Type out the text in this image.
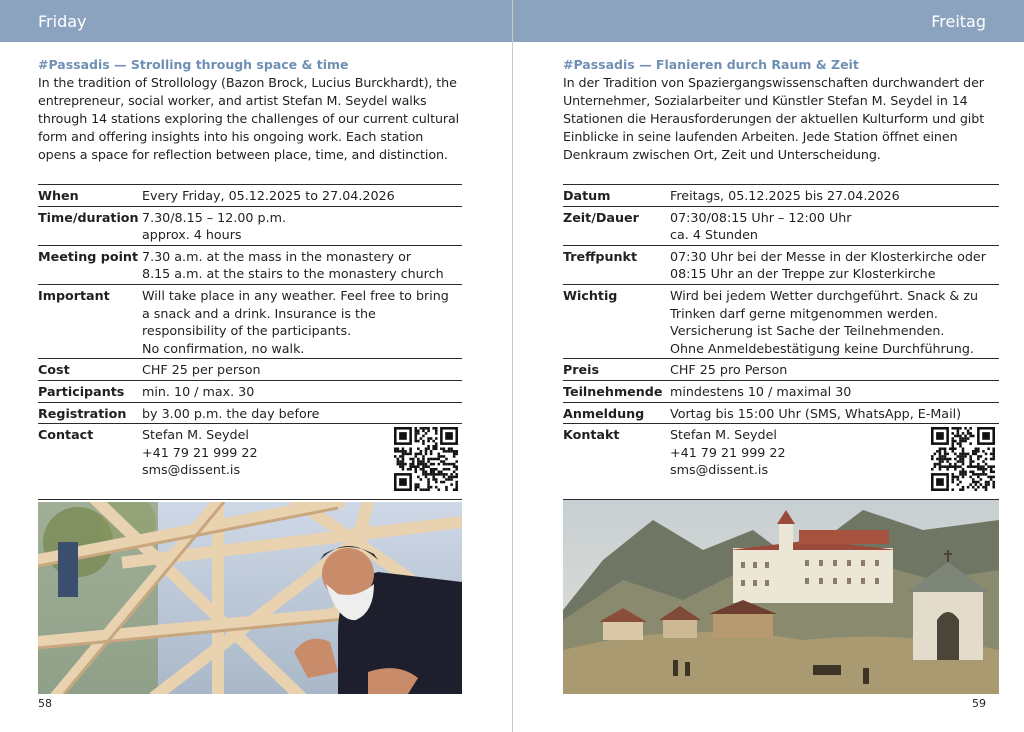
Friday

#Passadis — Strolling through space & time

In the tradition of Strollology (Bazon Brock, Lucius Burckhardt), the entrepreneur, social worker, and artist Stefan M. Seydel walks through 14 stations exploring the challenges of our current cultural form and offering insights into his ongoing work. Each station opens a space for reflection between place, time, and distinction.

When	Every Friday, 05.12.2025 to 27.04.2026

Time/duration	7.30/8.15 – 12.00 p.m.
approx. 4 hours

Meeting point	7.30 a.m. at the mass in the monastery or
8.15 a.m. at the stairs to the monastery church

Important	Will take place in any weather. Feel free to bring
a snack and a drink. Insurance is the
responsibility of the participants.
No confirmation, no walk.

Cost	CHF 25 per person

Participants	min. 10 / max. 30

Registration	by 3.00 p.m. the day before

Contact	Stefan M. Seydel
+41 79 21 999 22
sms@dissent.is
58
Freitag

#Passadis — Flanieren durch Raum & Zeit

In der Tradition von Spaziergangswissenschaften durchwandert der Unternehmer, Sozialarbeiter und Künstler Stefan M. Seydel in 14 Stationen die Herausforderungen der aktuellen Kulturform und gibt Einblicke in seine laufenden Arbeiten. Jede Station öffnet einen Denkraum zwischen Ort, Zeit und Unterscheidung.

Datum	Freitags, 05.12.2025 bis 27.04.2026

Zeit/Dauer	07:30/08:15 Uhr – 12:00 Uhr
ca. 4 Stunden

Treffpunkt	07:30 Uhr bei der Messe in der Klosterkirche oder
08:15 Uhr an der Treppe zur Klosterkirche

Wichtig	Wird bei jedem Wetter durchgeführt. Snack & zu
Trinken darf gerne mitgenommen werden.
Versicherung ist Sache der Teilnehmenden.
Ohne Anmeldebestätigung keine Durchführung.

Preis	CHF 25 pro Person

Teilnehmende	mindestens 10 / maximal 30

Anmeldung	Vortag bis 15:00 Uhr (SMS, WhatsApp, E-Mail)

Kontakt	Stefan M. Seydel
+41 79 21 999 22
sms@dissent.is
59
